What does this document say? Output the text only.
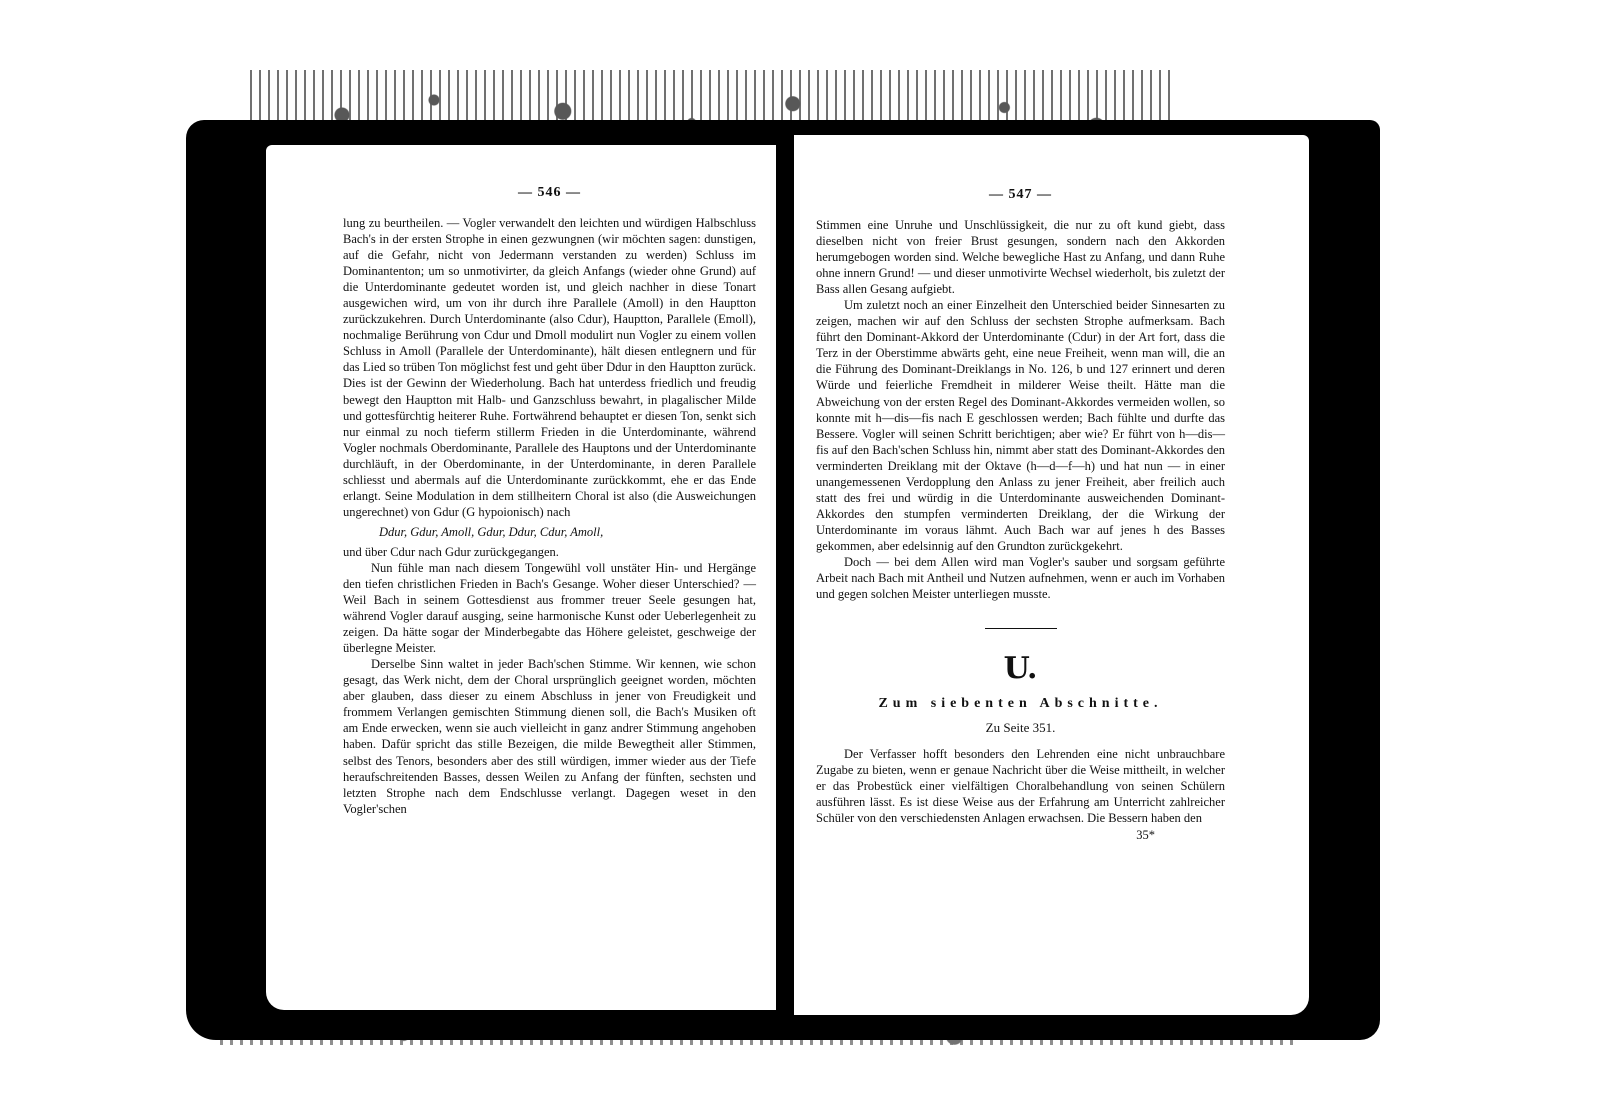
— 546 —

lung zu beurtheilen. — Vogler verwandelt den leichten und würdigen Halbschluss Bach's in der ersten Strophe in einen gezwungnen (wir möchten sagen: dunstigen, auf die Gefahr, nicht von Jedermann verstanden zu werden) Schluss im Dominantenton; um so unmotivirter, da gleich Anfangs (wieder ohne Grund) auf die Unterdominante gedeutet worden ist, und gleich nachher in diese Tonart ausgewichen wird, um von ihr durch ihre Parallele (Amoll) in den Hauptton zurückzukehren. Durch Unterdominante (also Cdur), Hauptton, Parallele (Emoll), nochmalige Berührung von Cdur und Dmoll modulirt nun Vogler zu einem vollen Schluss in Amoll (Parallele der Unterdominante), hält diesen entlegnern und für das Lied so trüben Ton möglichst fest und geht über Ddur in den Hauptton zurück. Dies ist der Gewinn der Wiederholung. Bach hat unterdess friedlich und freudig bewegt den Hauptton mit Halb- und Ganzschluss bewahrt, in plagalischer Milde und gottesfürchtig heiterer Ruhe. Fortwährend behauptet er diesen Ton, senkt sich nur einmal zu noch tieferm stillerm Frieden in die Unterdominante, während Vogler nochmals Oberdominante, Parallele des Hauptons und der Unterdominante durchläuft, in der Oberdominante, in der Unterdominante, in deren Parallele schliesst und abermals auf die Unterdominante zurückkommt, ehe er das Ende erlangt. Seine Modulation in dem stillheitern Choral ist also (die Ausweichungen ungerechnet) von Gdur (G hypoionisch) nach

Ddur, Gdur, Amoll, Gdur, Ddur, Cdur, Amoll,

und über Cdur nach Gdur zurückgegangen.

Nun fühle man nach diesem Tongewühl voll unstäter Hin- und Hergänge den tiefen christlichen Frieden in Bach's Gesange. Woher dieser Unterschied? — Weil Bach in seinem Gottesdienst aus frommer treuer Seele gesungen hat, während Vogler darauf ausging, seine harmonische Kunst oder Ueberlegenheit zu zeigen. Da hätte sogar der Minderbegabte das Höhere geleistet, geschweige der überlegne Meister.

Derselbe Sinn waltet in jeder Bach'schen Stimme. Wir kennen, wie schon gesagt, das Werk nicht, dem der Choral ursprünglich geeignet worden, möchten aber glauben, dass dieser zu einem Abschluss in jener von Freudigkeit und frommem Verlangen gemischten Stimmung dienen soll, die Bach's Musiken oft am Ende erwecken, wenn sie auch vielleicht in ganz andrer Stimmung angehoben haben. Dafür spricht das stille Bezeigen, die milde Bewegtheit aller Stimmen, selbst des Tenors, besonders aber des still würdigen, immer wieder aus der Tiefe heraufschreitenden Basses, dessen Weilen zu Anfang der fünften, sechsten und letzten Strophe nach dem Endschlusse verlangt. Dagegen weset in den Vogler'schen

— 547 —

Stimmen eine Unruhe und Unschlüssigkeit, die nur zu oft kund giebt, dass dieselben nicht von freier Brust gesungen, sondern nach den Akkorden herumgebogen worden sind. Welche bewegliche Hast zu Anfang, und dann Ruhe ohne innern Grund! — und dieser unmotivirte Wechsel wiederholt, bis zuletzt der Bass allen Gesang aufgiebt.

Um zuletzt noch an einer Einzelheit den Unterschied beider Sinnesarten zu zeigen, machen wir auf den Schluss der sechsten Strophe aufmerksam. Bach führt den Dominant-Akkord der Unterdominante (Cdur) in der Art fort, dass die Terz in der Oberstimme abwärts geht, eine neue Freiheit, wenn man will, die an die Führung des Dominant-Dreiklangs in No. 126, b und 127 erinnert und deren Würde und feierliche Fremdheit in milderer Weise theilt. Hätte man die Abweichung von der ersten Regel des Dominant-Akkordes vermeiden wollen, so konnte mit h—dis—fis nach E geschlossen werden; Bach fühlte und durfte das Bessere. Vogler will seinen Schritt berichtigen; aber wie? Er führt von h—dis—fis auf den Bach'schen Schluss hin, nimmt aber statt des Dominant-Akkordes den verminderten Dreiklang mit der Oktave (h—d—f—h) und hat nun — in einer unangemessenen Verdopplung den Anlass zu jener Freiheit, aber freilich auch statt des frei und würdig in die Unterdominante ausweichenden Dominant-Akkordes den stumpfen verminderten Dreiklang, der die Wirkung der Unterdominante im voraus lähmt. Auch Bach war auf jenes h des Basses gekommen, aber edelsinnig auf den Grundton zurückgekehrt.

Doch — bei dem Allen wird man Vogler's sauber und sorgsam geführte Arbeit nach Bach mit Antheil und Nutzen aufnehmen, wenn er auch im Vorhaben und gegen solchen Meister unterliegen musste.

U.
Zum siebenten Abschnitte.
Zu Seite 351.

Der Verfasser hofft besonders den Lehrenden eine nicht unbrauchbare Zugabe zu bieten, wenn er genaue Nachricht über die Weise mittheilt, in welcher er das Probestück einer vielfältigen Choralbehandlung von seinen Schülern ausführen lässt. Es ist diese Weise aus der Erfahrung am Unterricht zahlreicher Schüler von den verschiedensten Anlagen erwachsen. Die Bessern haben den

35*
